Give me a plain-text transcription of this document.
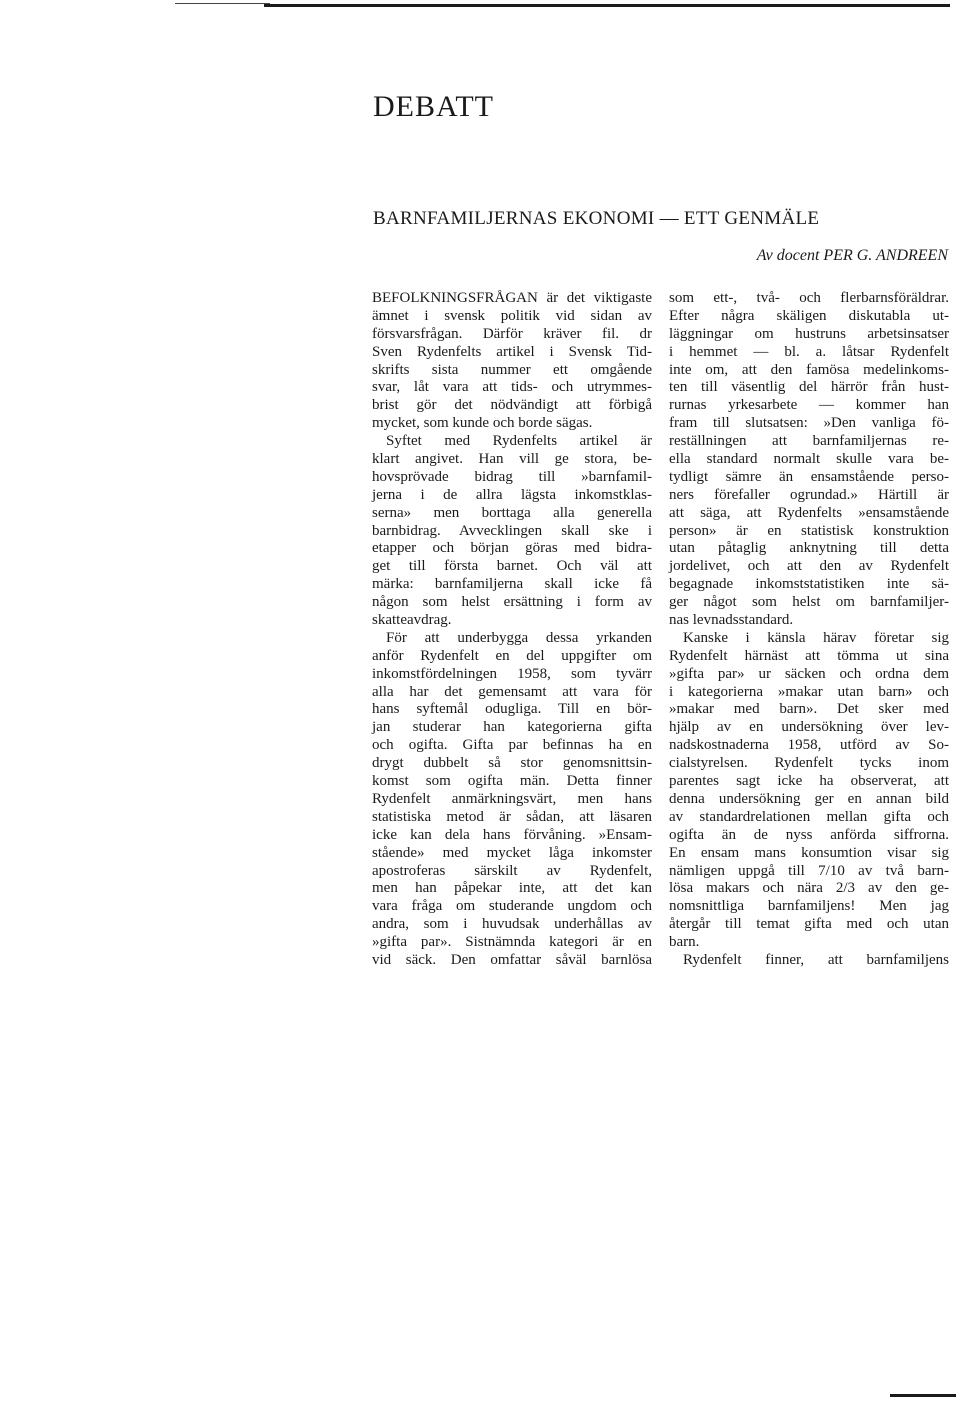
DEBATT
BARNFAMILJERNAS EKONOMI — ETT GENMÄLE
Av docent PER G. ANDREEN
BEFOLKNINGSFRÅGAN är det viktigaste
ämnet i svensk politik vid sidan av
försvarsfrågan. Därför kräver fil. dr
Sven Rydenfelts artikel i Svensk Tid-
skrifts sista nummer ett omgående
svar, låt vara att tids- och utrymmes-
brist gör det nödvändigt att förbigå
mycket, som kunde och borde sägas.
Syftet med Rydenfelts artikel är
klart angivet. Han vill ge stora, be-
hovsprövade bidrag till »barnfamil-
jerna i de allra lägsta inkomstklas-
serna» men borttaga alla generella
barnbidrag. Avvecklingen skall ske i
etapper och början göras med bidra-
get till första barnet. Och väl att
märka: barnfamiljerna skall icke få
någon som helst ersättning i form av
skatteavdrag.
För att underbygga dessa yrkanden
anför Rydenfelt en del uppgifter om
inkomstfördelningen 1958, som tyvärr
alla har det gemensamt att vara för
hans syftemål odugliga. Till en bör-
jan studerar han kategorierna gifta
och ogifta. Gifta par befinnas ha en
drygt dubbelt så stor genomsnittsin-
komst som ogifta män. Detta finner
Rydenfelt anmärkningsvärt, men hans
statistiska metod är sådan, att läsaren
icke kan dela hans förvåning. »Ensam-
stående» med mycket låga inkomster
apostroferas särskilt av Rydenfelt,
men han påpekar inte, att det kan
vara fråga om studerande ungdom och
andra, som i huvudsak underhållas av
»gifta par». Sistnämnda kategori är en
vid säck. Den omfattar såväl barnlösa
som ett-, två- och flerbarnsföräldrar.
Efter några skäligen diskutabla ut-
läggningar om hustruns arbetsinsatser
i hemmet — bl. a. låtsar Rydenfelt
inte om, att den famösa medelinkoms-
ten till väsentlig del härrör från hust-
rurnas yrkesarbete — kommer han
fram till slutsatsen: »Den vanliga fö-
reställningen att barnfamiljernas re-
ella standard normalt skulle vara be-
tydligt sämre än ensamstående perso-
ners förefaller ogrundad.» Härtill är
att säga, att Rydenfelts »ensamstående
person» är en statistisk konstruktion
utan påtaglig anknytning till detta
jordelivet, och att den av Rydenfelt
begagnade inkomststatistiken inte sä-
ger något som helst om barnfamiljer-
nas levnadsstandard.
Kanske i känsla härav företar sig
Rydenfelt härnäst att tömma ut sina
»gifta par» ur säcken och ordna dem
i kategorierna »makar utan barn» och
»makar med barn». Det sker med
hjälp av en undersökning över lev-
nadskostnaderna 1958, utförd av So-
cialstyrelsen. Rydenfelt tycks inom
parentes sagt icke ha observerat, att
denna undersökning ger en annan bild
av standardrelationen mellan gifta och
ogifta än de nyss anförda siffrorna.
En ensam mans konsumtion visar sig
nämligen uppgå till 7/10 av två barn-
lösa makars och nära 2/3 av den ge-
nomsnittliga barnfamiljens! Men jag
återgår till temat gifta med och utan
barn.
Rydenfelt finner, att barnfamiljens
